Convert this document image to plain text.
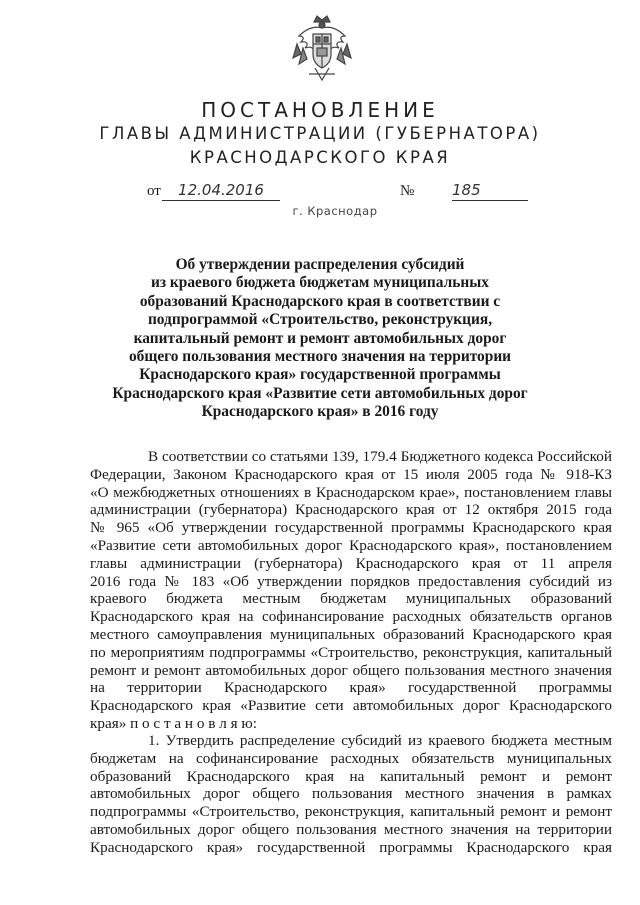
ПОСТАНОВЛЕНИЕ
ГЛАВЫ АДМИНИСТРАЦИИ (ГУБЕРНАТОРА)
КРАСНОДАРСКОГО КРАЯ
от	12.04.2016	№	185
г. Краснодар
Об утверждении распределения субсидий
из краевого бюджета бюджетам муниципальных
образований Краснодарского края в соответствии с
подпрограммой «Строительство, реконструкция,
капитальный ремонт и ремонт автомобильных дорог
общего пользования местного значения на территории
Краснодарского края» государственной программы
Краснодарского края «Развитие сети автомобильных дорог
Краснодарского края» в 2016 году
В соответствии со статьями 139, 179.4 Бюджетного кодекса Российской
Федерации, Законом Краснодарского края от 15 июля 2005 года № 918-КЗ
«О межбюджетных отношениях в Краснодарском крае», постановлением главы
администрации (губернатора) Краснодарского края от 12 октября 2015 года
№ 965 «Об утверждении государственной программы Краснодарского края
«Развитие сети автомобильных дорог Краснодарского края», постановлением
главы администрации (губернатора) Краснодарского края от 11 апреля
2016 года № 183 «Об утверждении порядков предоставления субсидий из
краевого бюджета местным бюджетам муниципальных образований
Краснодарского края на софинансирование расходных обязательств органов
местного самоуправления муниципальных образований Краснодарского края
по мероприятиям подпрограммы «Строительство, реконструкция, капитальный
ремонт и ремонт автомобильных дорог общего пользования местного значения
на территории Краснодарского края» государственной программы
Краснодарского края «Развитие сети автомобильных дорог Краснодарского
края» п о с т а н о в л я ю:
1. Утвердить распределение субсидий из краевого бюджета местным
бюджетам на софинансирование расходных обязательств муниципальных
образований Краснодарского края на капитальный ремонт и ремонт
автомобильных дорог общего пользования местного значения в рамках
подпрограммы «Строительство, реконструкция, капитальный ремонт и ремонт
автомобильных дорог общего пользования местного значения на территории
Краснодарского края» государственной программы Краснодарского края
